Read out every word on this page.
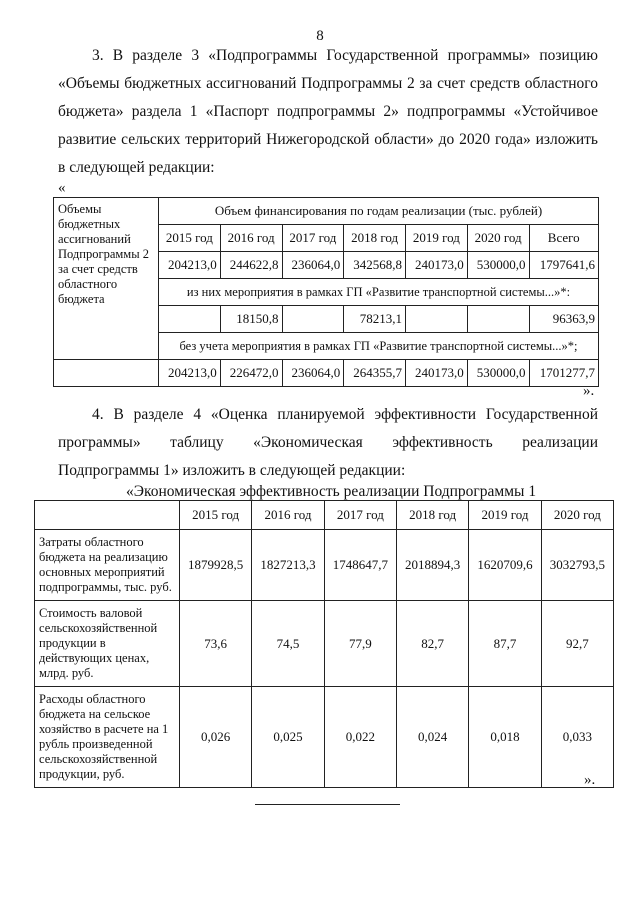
8
3. В разделе 3 «Подпрограммы Государственной программы» позицию «Объемы бюджетных ассигнований Подпрограммы 2 за счет средств областного бюджета» раздела 1 «Паспорт подпрограммы 2» подпрограммы «Устойчивое развитие сельских территорий Нижегородской области» до 2020 года» изложить в следующей редакции:
«
Объемы бюджетных ассигнований Подпрограммы 2 за счет средств областного бюджета	Объем финансирования по годам реализации (тыс. рублей)						
	2015 год	2016 год	2017 год	2018 год	2019 год	2020 год	Всего
	204213,0	244622,8	236064,0	342568,8	240173,0	530000,0	1797641,6
	из них мероприятия в рамках ГП «Развитие транспортной системы...»*:						
		18150,8		78213,1			96363,9
	без учета мероприятия в рамках ГП «Развитие транспортной системы...»*;						
	204213,0	226472,0	236064,0	264355,7	240173,0	530000,0	1701277,7
».
4. В разделе 4 «Оценка планируемой эффективности Государственной программы» таблицу «Экономическая эффективность реализации Подпрограммы 1» изложить в следующей редакции:
«Экономическая эффективность реализации Подпрограммы 1
	2015 год	2016 год	2017 год	2018 год	2019 год	2020 год
Затраты областного бюджета на реализацию основных мероприятий подпрограммы, тыс. руб.	1879928,5	1827213,3	1748647,7	2018894,3	1620709,6	3032793,5
Стоимость валовой сельскохозяйственной продукции в действующих ценах, млрд. руб.	73,6	74,5	77,9	82,7	87,7	92,7
Расходы областного бюджета на сельское хозяйство в расчете на 1 рубль произведенной сельскохозяйственной продукции, руб.	0,026	0,025	0,022	0,024	0,018	0,033
».
